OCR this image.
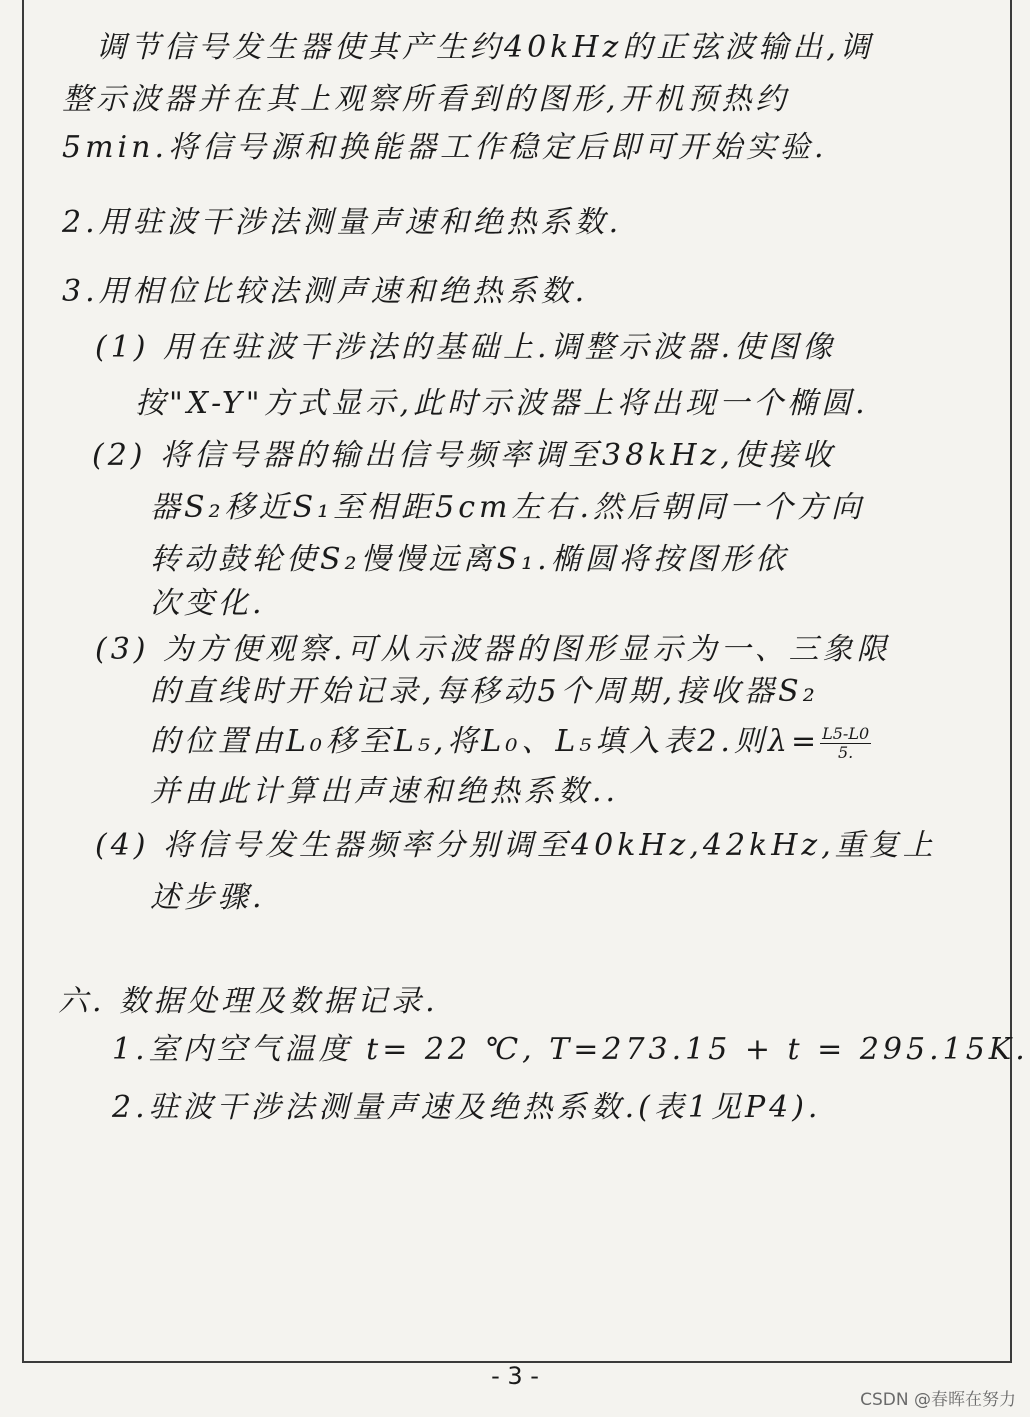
调节信号发生器使其产生约40kHz的正弦波输出,调
整示波器并在其上观察所看到的图形,开机预热约
5min.将信号源和换能器工作稳定后即可开始实验.
2.用驻波干涉法测量声速和绝热系数.
3.用相位比较法测声速和绝热系数.
(1) 用在驻波干涉法的基础上.调整示波器.使图像
按"X-Y"方式显示,此时示波器上将出现一个椭圆.
(2) 将信号器的输出信号频率调至38kHz,使接收
器S₂移近S₁至相距5cm左右.然后朝同一个方向
转动鼓轮使S₂慢慢远离S₁.椭圆将按图形依
次变化.
(3) 为方便观察.可从示波器的图形显示为一、三象限
的直线时开始记录,每移动5个周期,接收器S₂
的位置由L₀移至L₅,将L₀、L₅填入表2.则$\lambda= \frac{L5-L0}{5.}$
并由此计算出声速和绝热系数..
(4) 将信号发生器频率分别调至40kHz,42kHz,重复上
述步骤.
六. 数据处理及数据记录.
1.室内空气温度 t= 22 ℃, T=273.15 + t = 295.15K.
2.驻波干涉法测量声速及绝热系数.(表1见P4).
- 3 -
CSDN @春晖在努力
